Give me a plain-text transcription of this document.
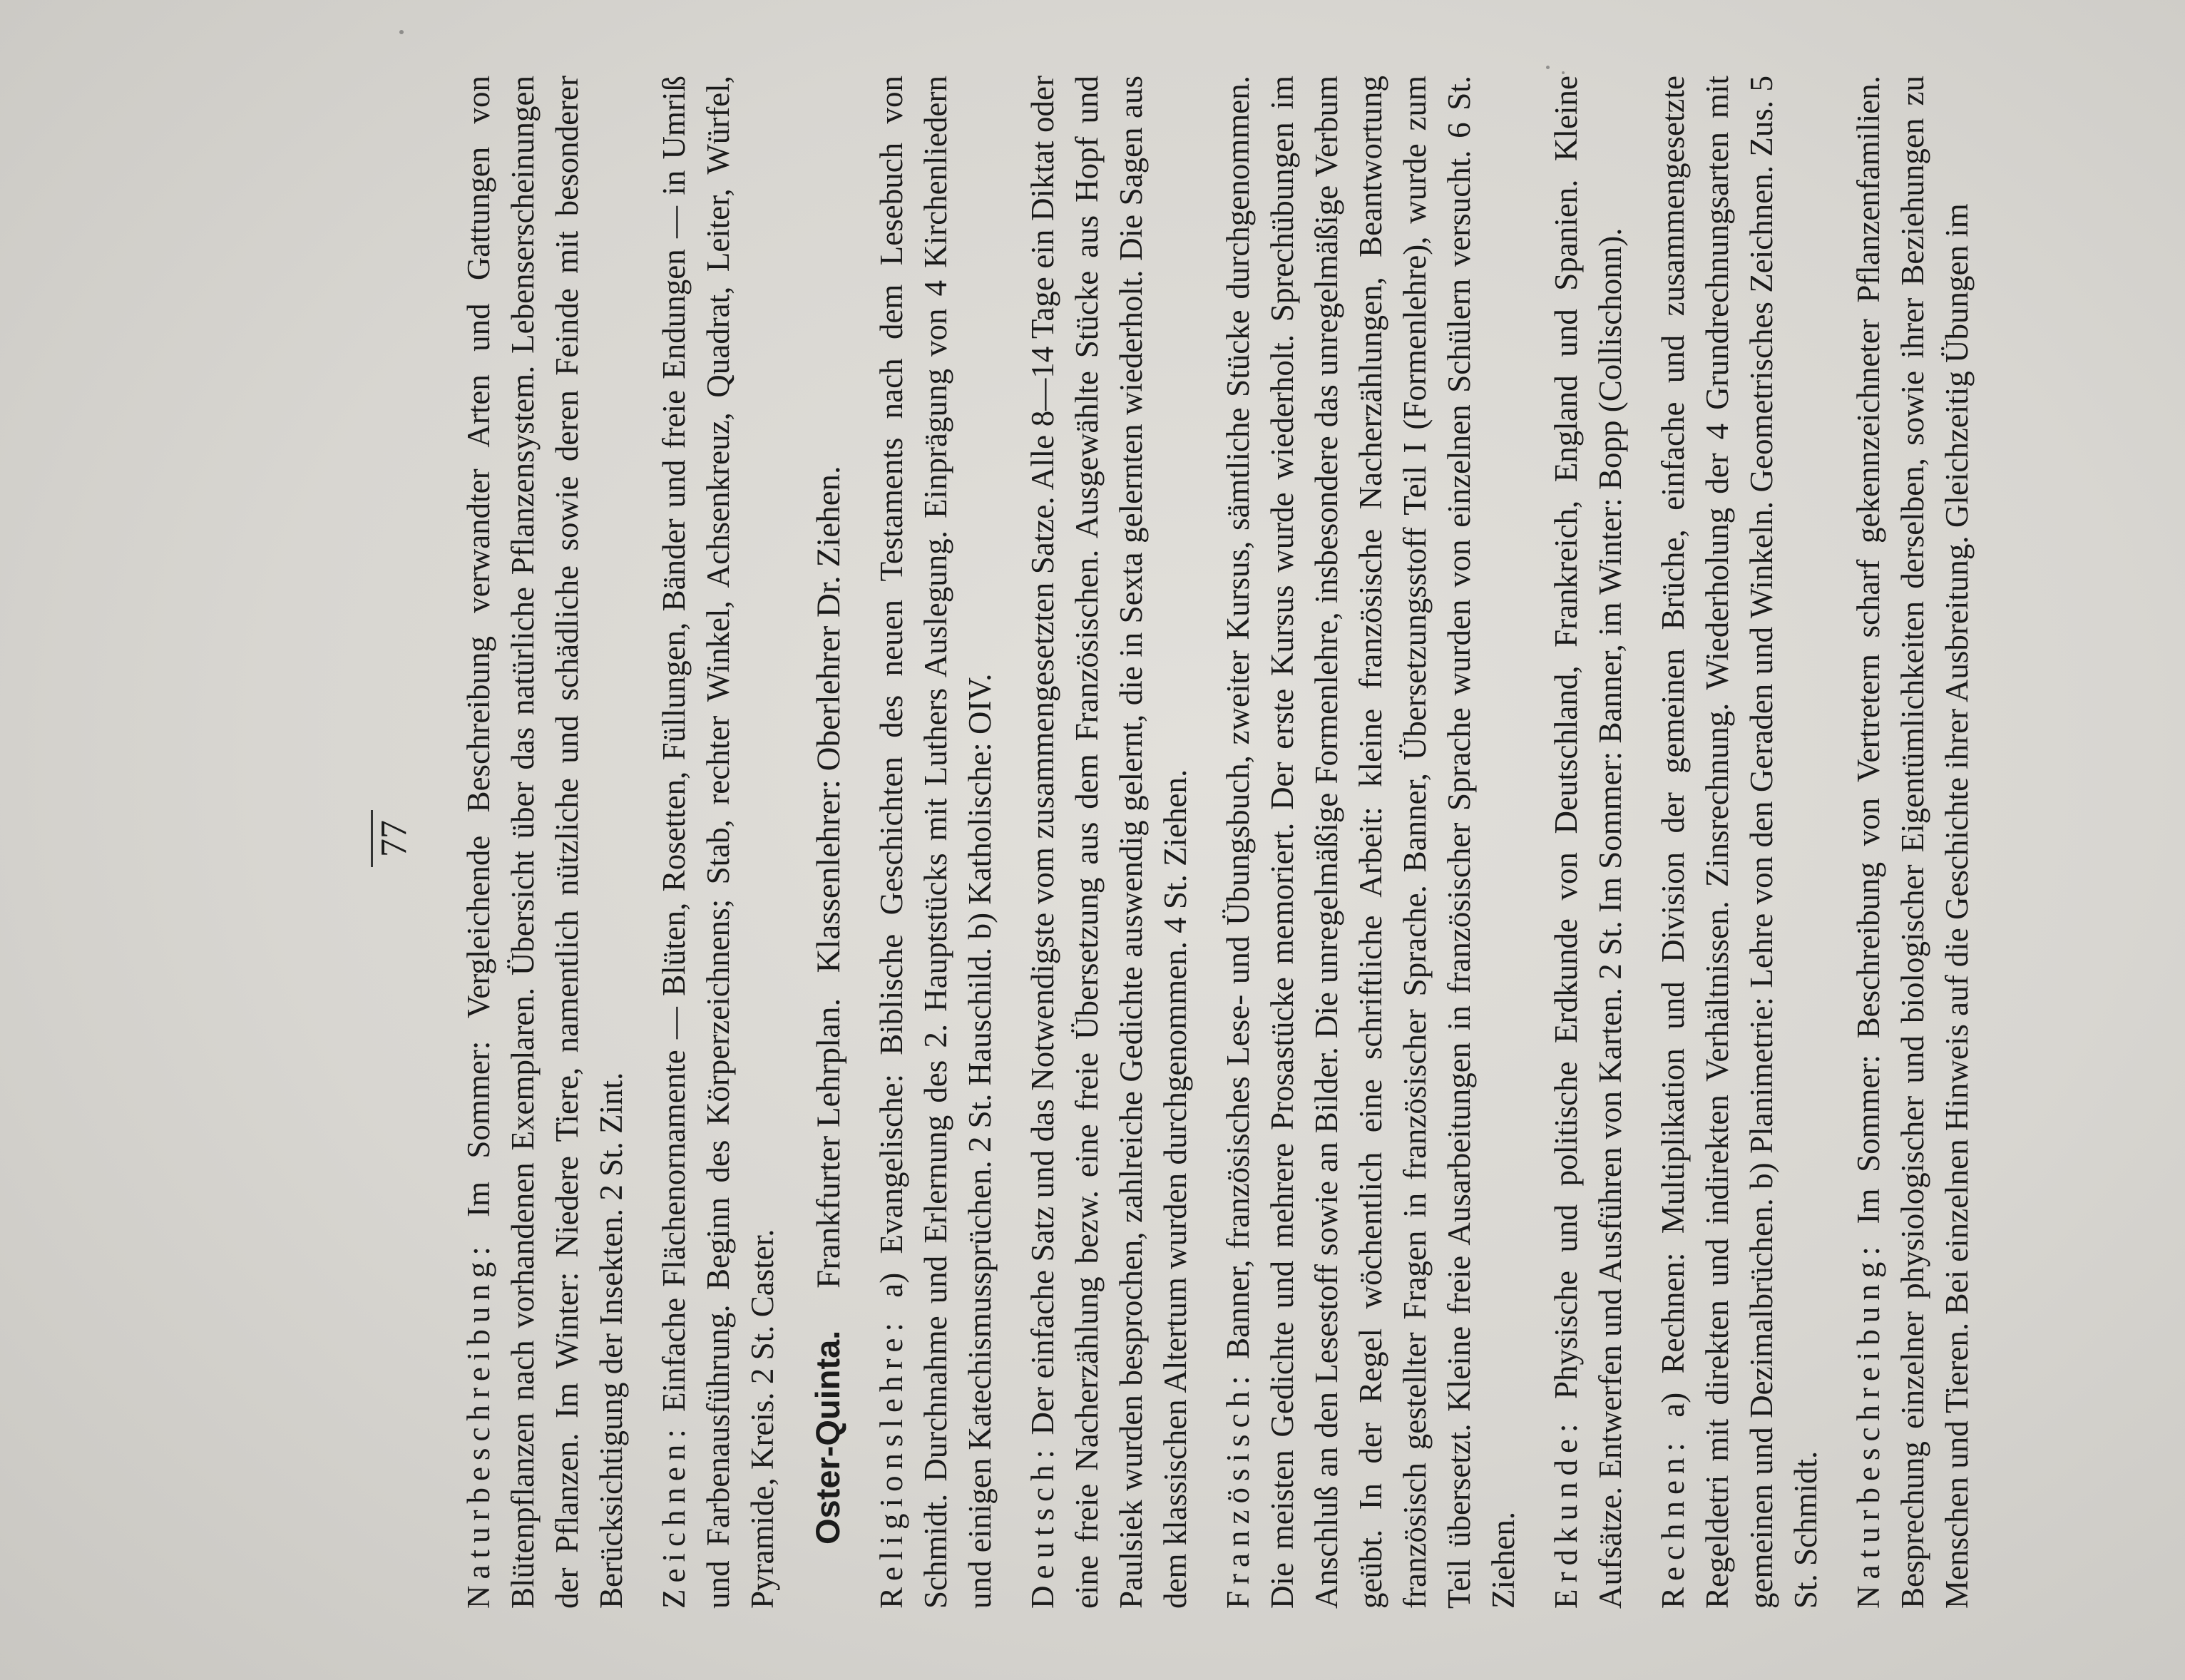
77

Naturbeschreibung: Im Sommer: Vergleichende Beschreibung verwandter Arten und Gattungen von Blütenpflanzen nach vorhandenen Exemplaren. Übersicht über das natürliche Pflanzensystem. Lebenserscheinungen der Pflanzen. Im Winter: Niedere Tiere, namentlich nützliche und schädliche sowie deren Feinde mit besonderer Berücksichtigung der Insekten. 2 St. Zint. Zeichnen: Einfache Flächenornamente — Blüten, Rosetten, Füllungen, Bänder und freie Endungen — in Umriß und Farbenausführung. Beginn des Körperzeichnens; Stab, rechter Winkel, Achsenkreuz, Quadrat, Leiter, Würfel, Pyramide, Kreis. 2 St. Caster. Oster-Quinta.     Frankfurter Lehrplan.   Klassenlehrer: Oberlehrer Dr. Ziehen.

Religionslehre: a) Evangelische: Biblische Geschichten des neuen Testaments nach dem Lesebuch von Schmidt. Durchnahme und Erlernung des 2. Hauptstücks mit Luthers Auslegung. Einprägung von 4 Kirchenliedern und einigen Katechismussprüchen. 2 St. Hauschild. b) Katholische: OIV. Deutsch: Der einfache Satz und das Notwendigste vom zusammengesetzten Satze. Alle 8—14 Tage ein Diktat oder eine freie Nacherzählung bezw. eine freie Übersetzung aus dem Französischen. Ausgewählte Stücke aus Hopf und Paulsiek wurden besprochen, zahlreiche Gedichte auswendig gelernt, die in Sexta gelernten wiederholt. Die Sagen aus dem klassischen Altertum wurden durchgenommen. 4 St. Ziehen. Französisch: Banner, französisches Lese- und Übungsbuch, zweiter Kursus, sämtliche Stücke durchgenommen. Die meisten Gedichte und mehrere Prosastücke memoriert. Der erste Kursus wurde wiederholt. Sprechübungen im Anschluß an den Lesestoff sowie an Bilder. Die unregelmäßige Formenlehre, insbesondere das unregelmäßige Verbum geübt. In der Regel wöchentlich eine schriftliche Arbeit: kleine französische Nacherzählungen, Beantwortung französisch gestellter Fragen in französischer Sprache. Banner, Übersetzungsstoff Teil I (Formenlehre), wurde zum Teil übersetzt. Kleine freie Ausarbeitungen in französischer Sprache wurden von einzelnen Schülern versucht. 6 St. Ziehen. Erdkunde: Physische und politische Erdkunde von Deutschland, Frankreich, England und Spanien. Kleine Aufsätze. Entwerfen und Ausführen von Karten. 2 St. Im Sommer: Banner, im Winter: Bopp (Collischonn). Rechnen: a) Rechnen: Multiplikation und Division der gemeinen Brüche, einfache und zusammengesetzte Regeldetri mit direkten und indirekten Verhältnissen. Zinsrechnung. Wiederholung der 4 Grundrechnungsarten mit gemeinen und Dezimalbrüchen. b) Planimetrie: Lehre von den Geraden und Winkeln. Geometrisches Zeichnen. Zus. 5 St. Schmidt. Naturbeschreibung: Im Sommer: Beschreibung von Vertretern scharf gekennzeichneter Pflanzenfamilien. Besprechung einzelner physiologischer und biologischer Eigentümlichkeiten derselben, sowie ihrer Beziehungen zu Menschen und Tieren. Bei einzelnen Hinweis auf die Geschichte ihrer Ausbreitung. Gleichzeitig Übungen im
